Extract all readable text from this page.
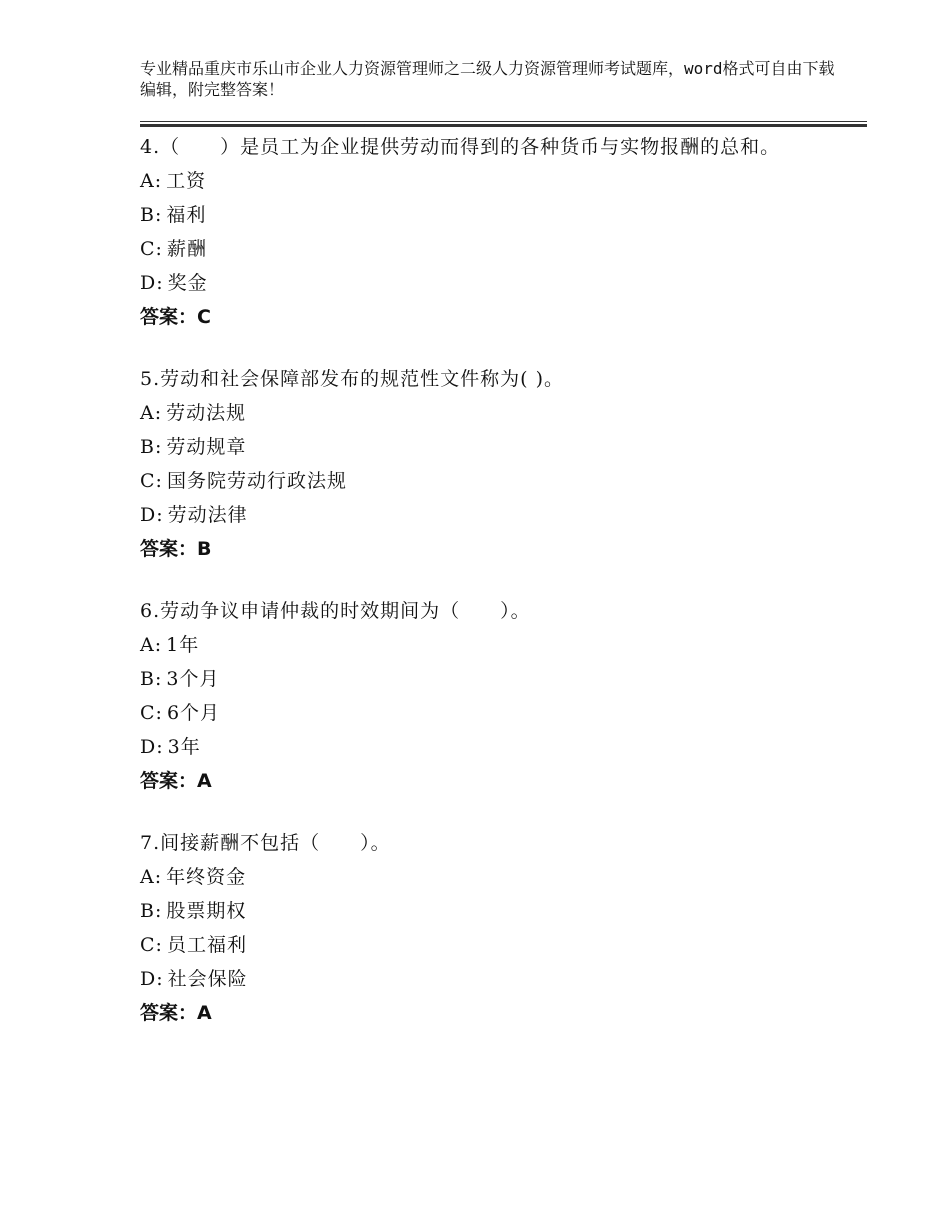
专业精品重庆市乐山市企业人力资源管理师之二级人力资源管理师考试题库，word格式可自由下载编辑，附完整答案！

4.（　　）是员工为企业提供劳动而得到的各种货币与实物报酬的总和。

A: 工资

B: 福利

C: 薪酬

D: 奖金

答案：C

5.劳动和社会保障部发布的规范性文件称为( )。

A: 劳动法规

B: 劳动规章

C: 国务院劳动行政法规

D: 劳动法律

答案：B

6.劳动争议申请仲裁的时效期间为（　　）。

A: 1年

B: 3个月

C: 6个月

D: 3年

答案：A

7.间接薪酬不包括（　　）。

A: 年终资金

B: 股票期权

C: 员工福利

D: 社会保险

答案：A
